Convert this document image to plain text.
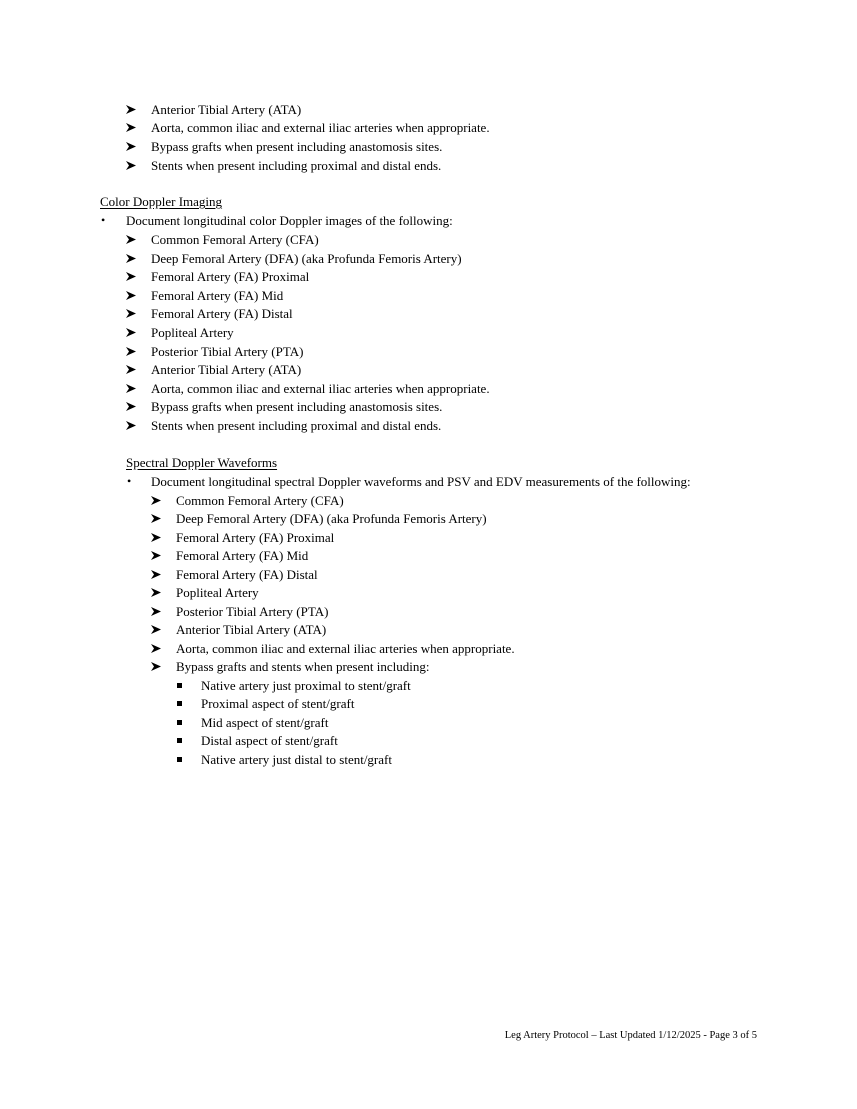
Anterior Tibial Artery (ATA)
Aorta, common iliac and external iliac arteries when appropriate.
Bypass grafts when present including anastomosis sites.
Stents when present including proximal and distal ends.
Color Doppler Imaging
• Document longitudinal color Doppler images of the following:
Common Femoral Artery (CFA)
Deep Femoral Artery (DFA) (aka Profunda Femoris Artery)
Femoral Artery (FA) Proximal
Femoral Artery (FA) Mid
Femoral Artery (FA) Distal
Popliteal Artery
Posterior Tibial Artery (PTA)
Anterior Tibial Artery (ATA)
Aorta, common iliac and external iliac arteries when appropriate.
Bypass grafts when present including anastomosis sites.
Stents when present including proximal and distal ends.
Spectral Doppler Waveforms
• Document longitudinal spectral Doppler waveforms and PSV and EDV measurements of the following:
Common Femoral Artery (CFA)
Deep Femoral Artery (DFA) (aka Profunda Femoris Artery)
Femoral Artery (FA) Proximal
Femoral Artery (FA) Mid
Femoral Artery (FA) Distal
Popliteal Artery
Posterior Tibial Artery (PTA)
Anterior Tibial Artery (ATA)
Aorta, common iliac and external iliac arteries when appropriate.
Bypass grafts and stents when present including:
Native artery just proximal to stent/graft
Proximal aspect of stent/graft
Mid aspect of stent/graft
Distal aspect of stent/graft
Native artery just distal to stent/graft
Leg Artery Protocol – Last Updated 1/12/2025 - Page 3 of 5
